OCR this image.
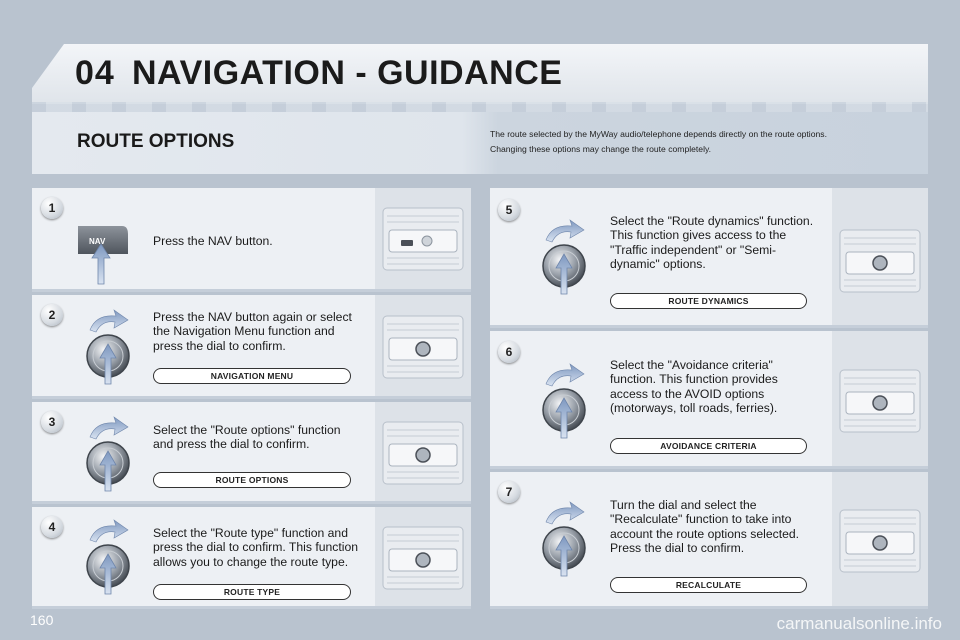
04 NAVIGATION - GUIDANCE
ROUTE OPTIONS	The route selected by the MyWay audio/telephone depends directly on the route options.
Changing these options may change the route completely.
1
2
3
4
5
6
7
Press the NAV button.
Press the NAV button again or select
the Navigation Menu function and
press the dial to confirm.
Select the "Route options" function
and press the dial to confirm.
Select the "Route type" function and
press the dial to confirm. This function
allows you to change the route type.
Select the "Route dynamics" function.
This function gives access to the
"Traffic independent" or "Semi-
dynamic" options.
Select the "Avoidance criteria"
function. This function provides
access to the AVOID options
(motorways, toll roads, ferries).
Turn the dial and select the
"Recalculate" function to take into
account the route options selected.
Press the dial to confirm.
NAVIGATION MENU
ROUTE OPTIONS
ROUTE TYPE
ROUTE DYNAMICS
AVOIDANCE CRITERIA
RECALCULATE
NAV
160	carmanualsonline.info
